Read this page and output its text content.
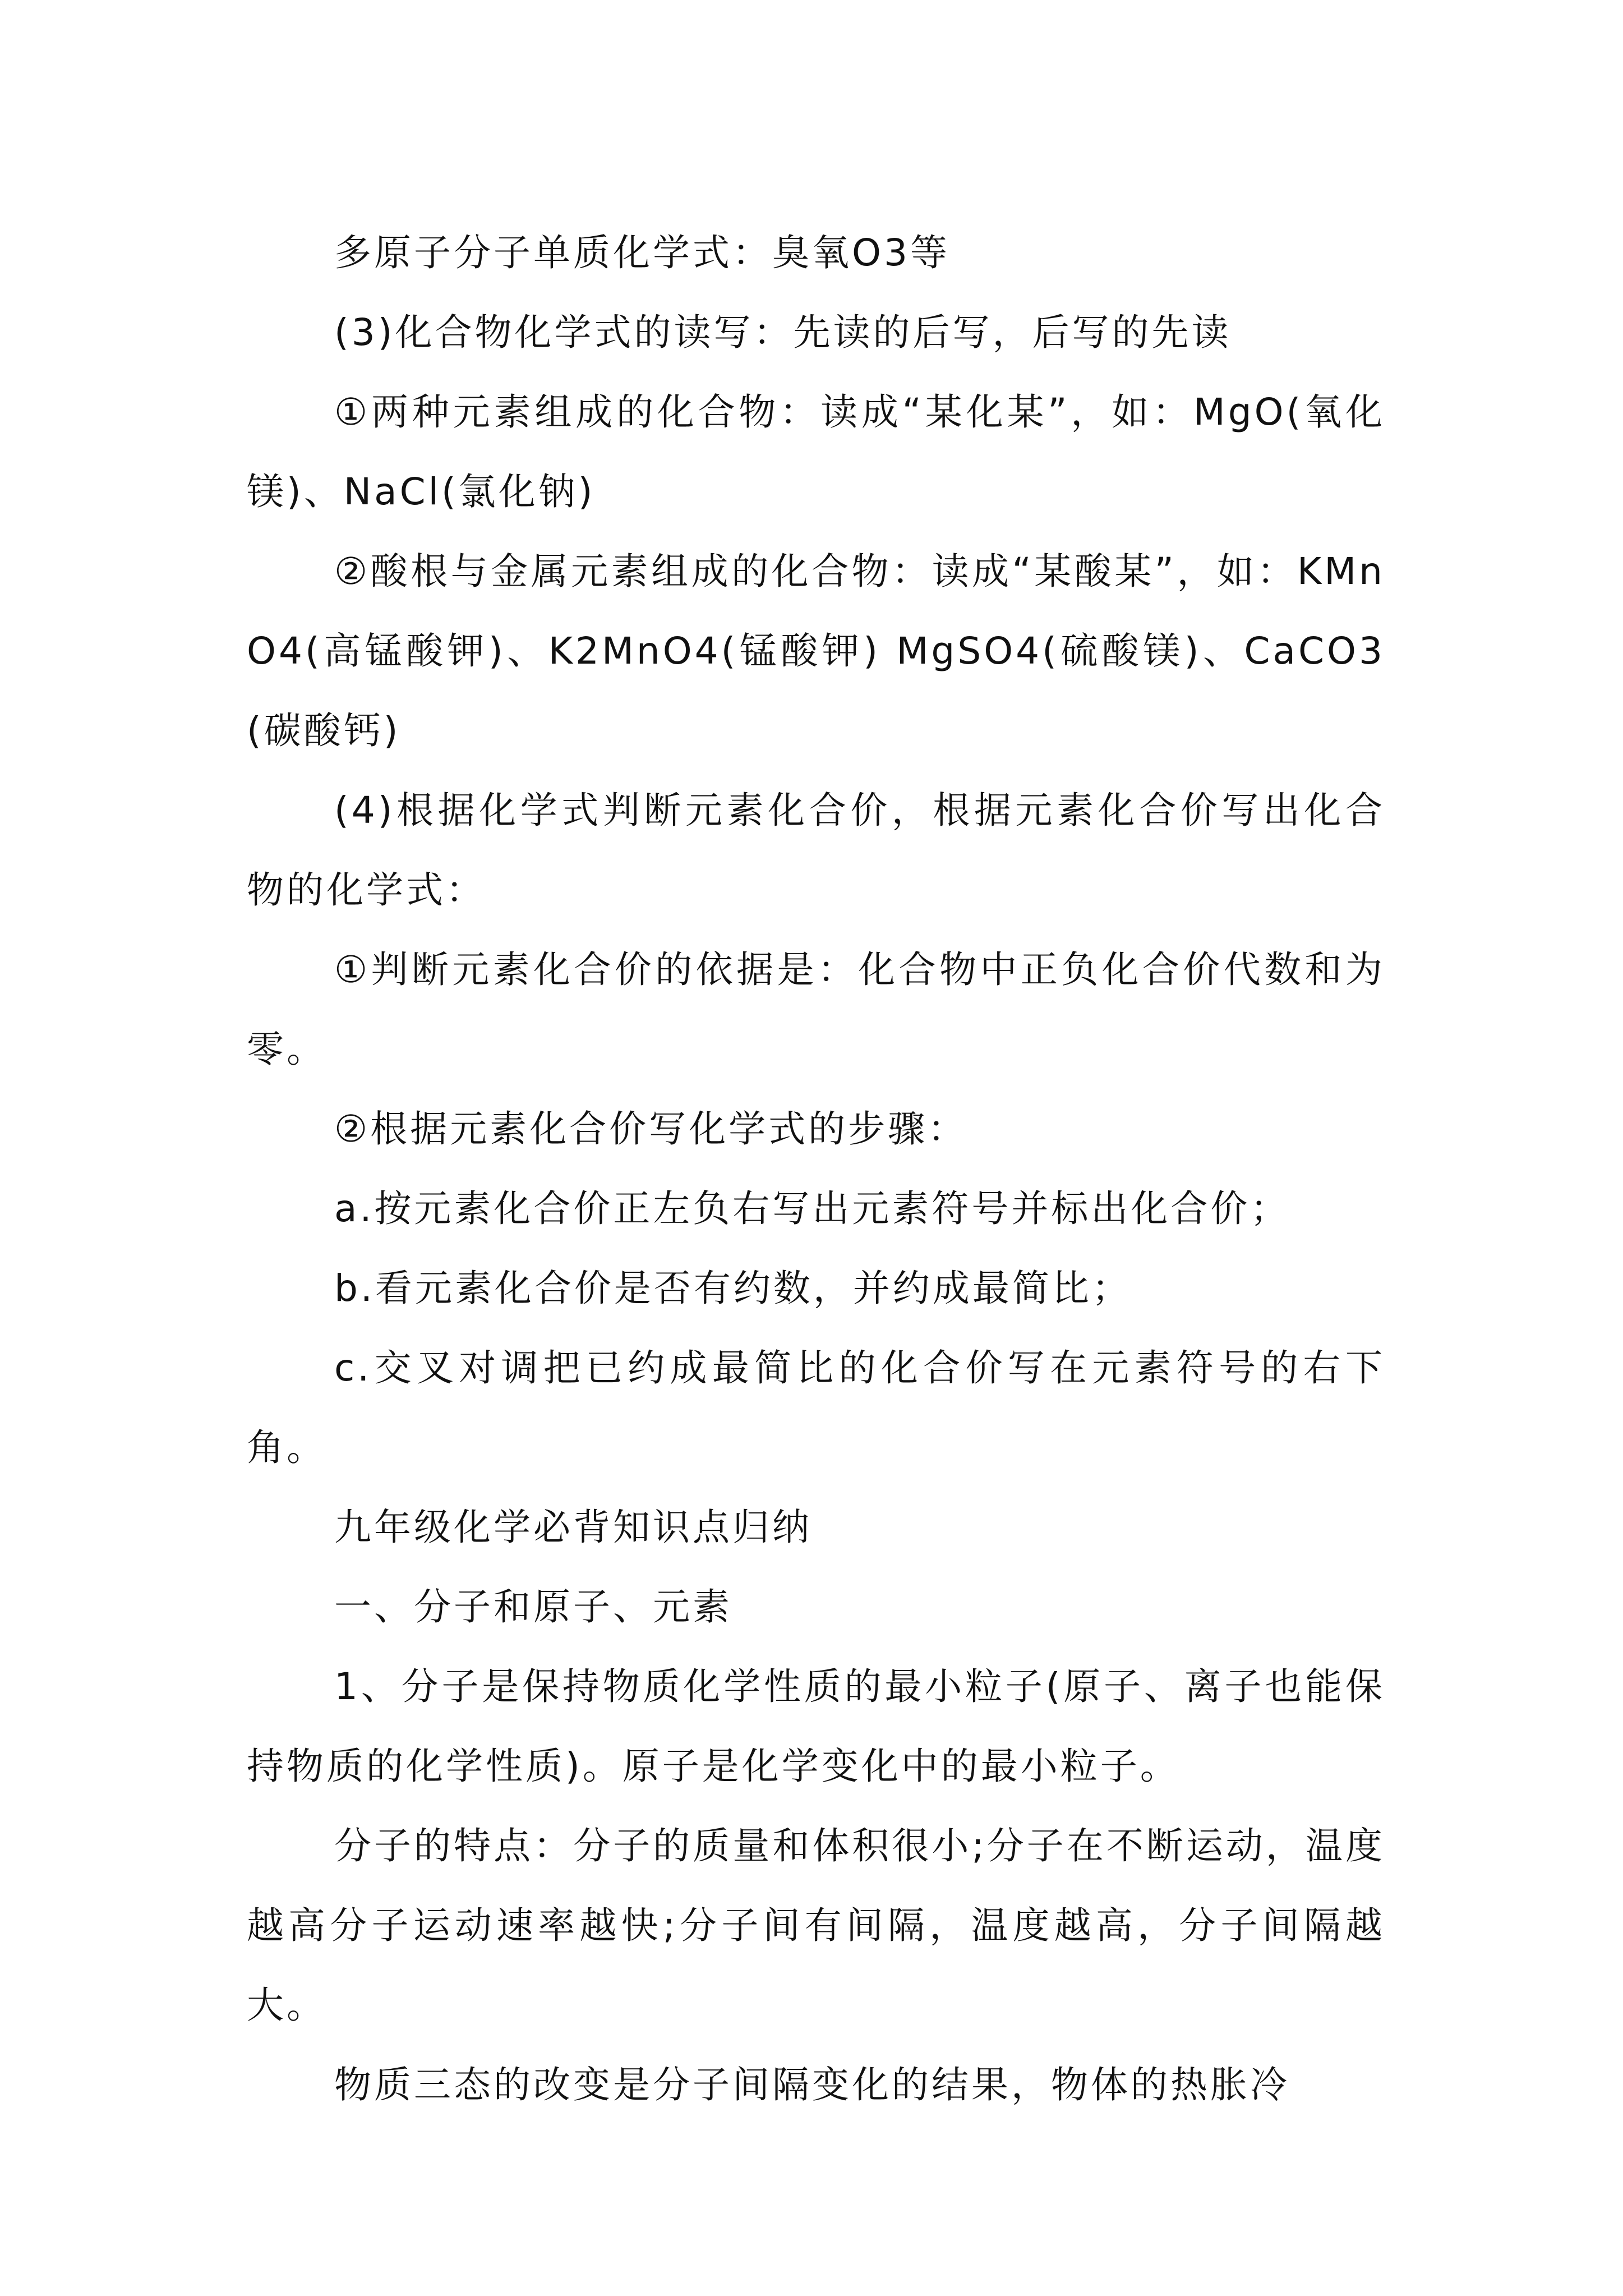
多原子分子单质化学式：臭氧O3等

(3)化合物化学式的读写：先读的后写，后写的先读

①两种元素组成的化合物：读成“某化某”，如：MgO(氧化镁)、NaCl(氯化钠)

②酸根与金属元素组成的化合物：读成“某酸某”，如：KMnO4(高锰酸钾)、K2MnO4(锰酸钾) MgSO4(硫酸镁)、CaCO3(碳酸钙)

(4)根据化学式判断元素化合价，根据元素化合价写出化合物的化学式：

①判断元素化合价的依据是：化合物中正负化合价代数和为零。

②根据元素化合价写化学式的步骤：

a.按元素化合价正左负右写出元素符号并标出化合价；

b.看元素化合价是否有约数，并约成最简比；

c.交叉对调把已约成最简比的化合价写在元素符号的右下角。

九年级化学必背知识点归纳

一、分子和原子、元素

1、分子是保持物质化学性质的最小粒子(原子、离子也能保持物质的化学性质)。原子是化学变化中的最小粒子。

分子的特点：分子的质量和体积很小;分子在不断运动，温度越高分子运动速率越快;分子间有间隔，温度越高，分子间隔越大。

物质三态的改变是分子间隔变化的结果，物体的热胀冷
